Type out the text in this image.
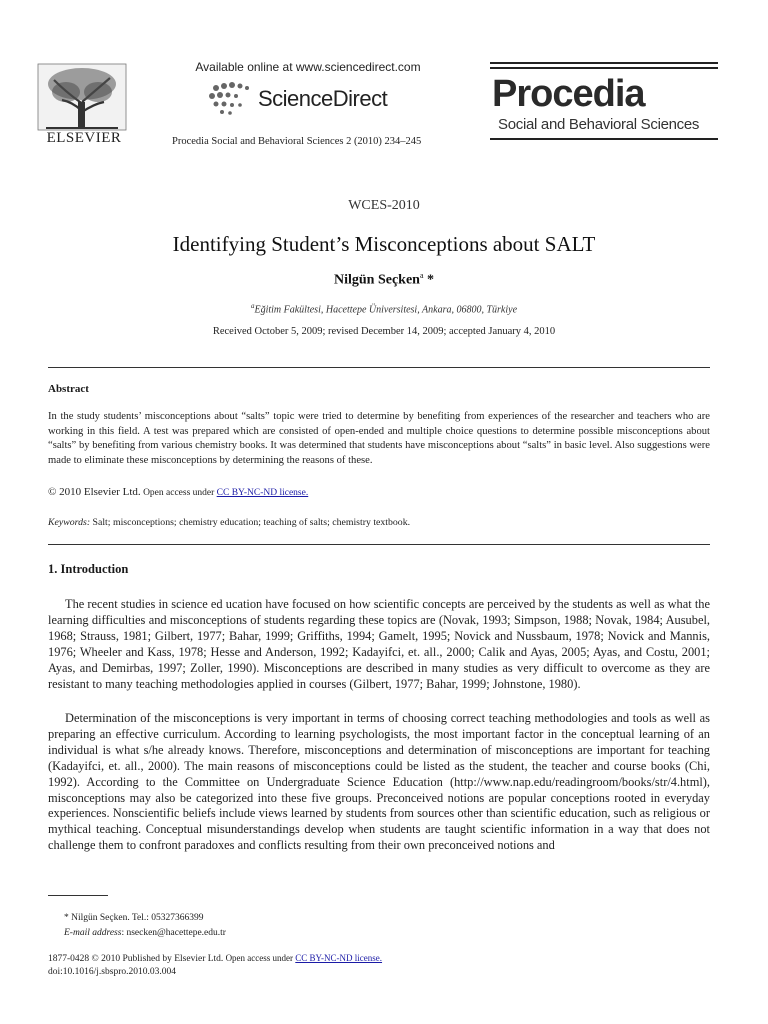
ELSEVIER
Available online at www.sciencedirect.com
ScienceDirect
Procedia Social and Behavioral Sciences 2 (2010) 234–245
Procedia
Social and Behavioral Sciences
WCES-2010
Identifying Student’s Misconceptions about SALT
Nilgün Seçken$^a$ *
$^a$Eğitim Fakültesi, Hacettepe Üniversitesi, Ankara, 06800, Türkiye
Received October 5, 2009; revised December 14, 2009; accepted January 4, 2010
Abstract
In the study students’ misconceptions about “salts” topic were tried to determine by benefiting from experiences of the researcher and teachers who are working in this field. A test was prepared which are consisted of open-ended and multiple choice questions to determine possible misconceptions about “salts” by benefiting from various chemistry books. It was determined that students have misconceptions about “salts” in basic level. Also suggestions were made to eliminate these misconceptions by determining the reasons of these.
© 2010 Elsevier Ltd. Open access under CC BY-NC-ND license.
Keywords: Salt; misconceptions; chemistry education; teaching of salts; chemistry textbook.
1. Introduction
The recent studies in science ed ucation have focused on how scientific concepts are perceived by the students as well as what the learning difficulties and misconceptions of students regarding these topics are (Novak, 1993; Simpson, 1988; Novak, 1984; Ausubel, 1968; Strauss, 1981; Gilbert, 1977; Bahar, 1999; Griffiths, 1994; Gamelt, 1995; Novick and Nussbaum, 1978; Novick and Mannis, 1976; Wheeler and Kass, 1978; Hesse and Anderson, 1992; Kadayifci, et. all., 2000; Calik and Ayas, 2005; Ayas, and Costu, 2001; Ayas, and Demirbas, 1997; Zoller, 1990). Misconceptions are described in many studies as very difficult to overcome as they are resistant to many teaching methodologies applied in courses (Gilbert, 1977; Bahar, 1999; Johnstone, 1980).
Determination of the misconceptions is very important in terms of choosing correct teaching methodologies and tools as well as preparing an effective curriculum. According to learning psychologists, the most important factor in the conceptual learning of an individual is what s/he already knows. Therefore, misconceptions and determination of misconceptions are important for teaching (Kadayifci, et. all., 2000). The main reasons of misconceptions could be listed as the student, the teacher and course books (Chi, 1992). According to the Committee on Undergraduate Science Education (http://www.nap.edu/readingroom/books/str/4.html), misconceptions may also be categorized into these five groups. Preconceived notions are popular conceptions rooted in everyday experiences. Nonscientific beliefs include views learned by students from sources other than scientific education, such as religious or mythical teaching. Conceptual misunderstandings develop when students are taught scientific information in a way that does not challenge them to confront paradoxes and conflicts resulting from their own preconceived notions and
* Nilgün Seçken. Tel.: 05327366399
E-mail address: nsecken@hacettepe.edu.tr
1877-0428 © 2010 Published by Elsevier Ltd. Open access under CC BY-NC-ND license.
doi:10.1016/j.sbspro.2010.03.004
